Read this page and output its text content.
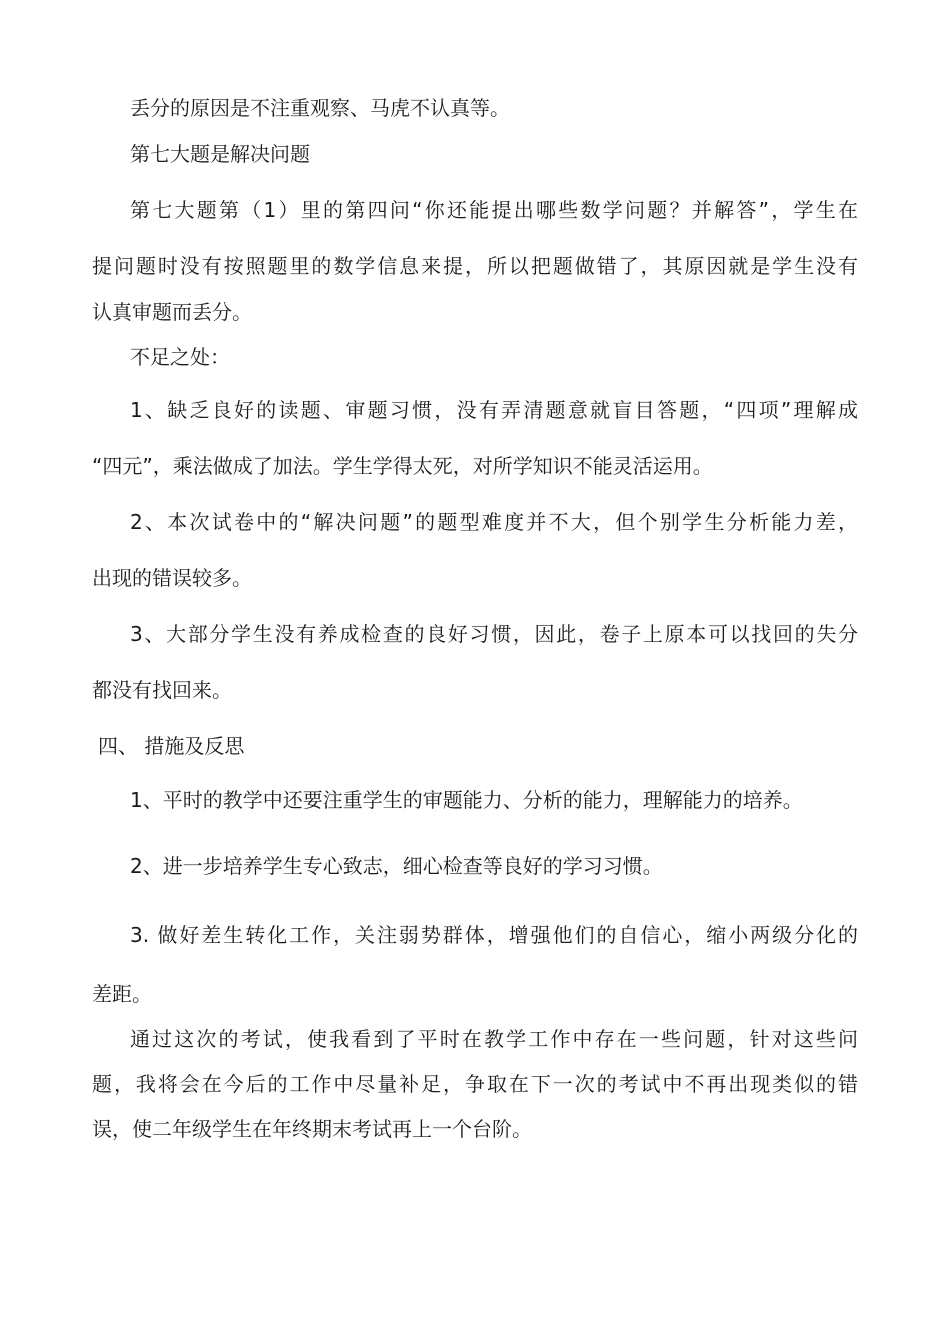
丢分的原因是不注重观察、马虎不认真等。

第七大题是解决问题

第七大题第（1）里的第四问“你还能提出哪些数学问题？并解答”，学生在

提问题时没有按照题里的数学信息来提，所以把题做错了，其原因就是学生没有

认真审题而丢分。

不足之处：

1、缺乏良好的读题、审题习惯，没有弄清题意就盲目答题，“四项”理解成

“四元”，乘法做成了加法。学生学得太死，对所学知识不能灵活运用。

2、本次试卷中的“解决问题”的题型难度并不大，但个别学生分析能力差，

出现的错误较多。

3、大部分学生没有养成检查的良好习惯，因此，卷子上原本可以找回的失分

都没有找回来。

四、 措施及反思

1、平时的教学中还要注重学生的审题能力、分析的能力，理解能力的培养。

2、进一步培养学生专心致志，细心检查等良好的学习习惯。

3. 做好差生转化工作，关注弱势群体，增强他们的自信心，缩小两级分化的

差距。

通过这次的考试，使我看到了平时在教学工作中存在一些问题，针对这些问

题，我将会在今后的工作中尽量补足，争取在下一次的考试中不再出现类似的错

误，使二年级学生在年终期末考试再上一个台阶。
